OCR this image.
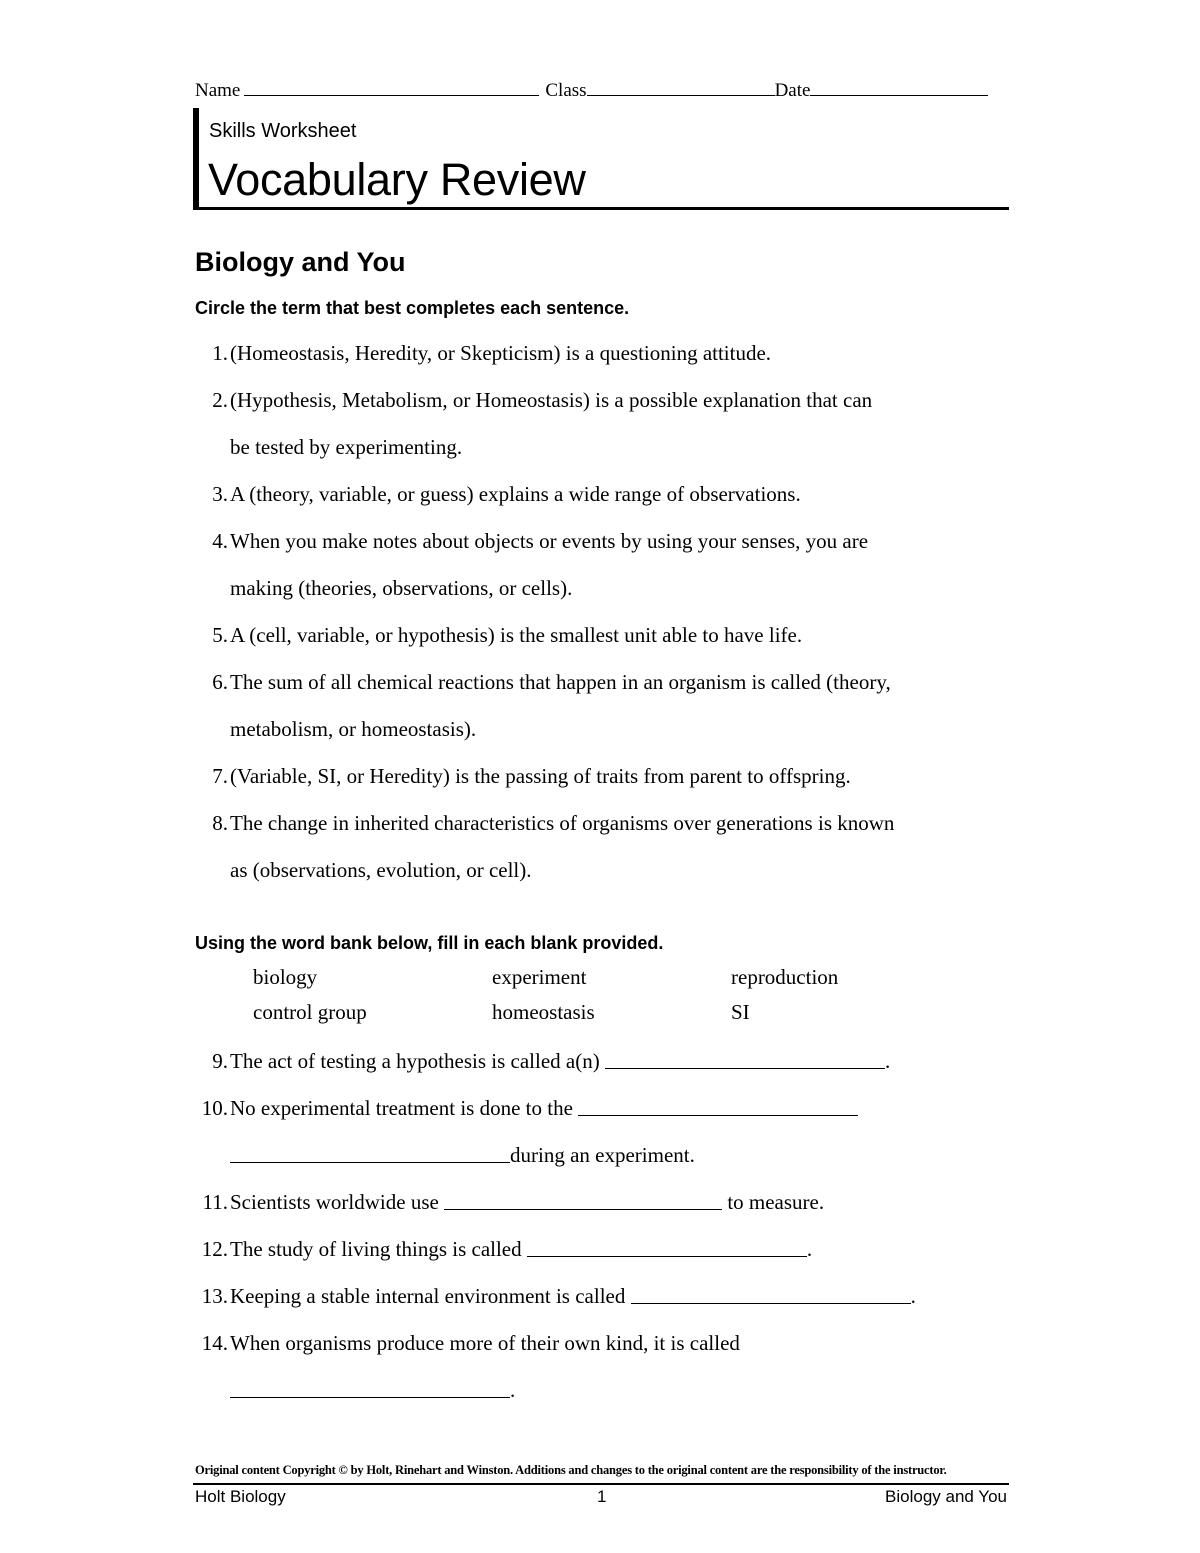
Name	Class	Date
Skills Worksheet
Vocabulary Review
Biology and You
Circle the term that best completes each sentence.
1.(Homeostasis, Heredity, or Skepticism) is a questioning attitude.
2.(Hypothesis, Metabolism, or Homeostasis) is a possible explanation that can
be tested by experimenting.
3.A (theory, variable, or guess) explains a wide range of observations.
4.When you make notes about objects or events by using your senses, you are
making (theories, observations, or cells).
5.A (cell, variable, or hypothesis) is the smallest unit able to have life.
6.The sum of all chemical reactions that happen in an organism is called (theory,
metabolism, or homeostasis).
7.(Variable, SI, or Heredity) is the passing of traits from parent to offspring.
8.The change in inherited characteristics of organisms over generations is known
as (observations, evolution, or cell).
Using the word bank below, fill in each blank provided.
biology	experiment	reproduction
control group	homeostasis	SI
9.The act of testing a hypothesis is called a(n)	.
10.No experimental treatment is done to the
during an experiment.
11.Scientists worldwide use	to measure.
12.The study of living things is called	.
13.Keeping a stable internal environment is called	.
14.When organisms produce more of their own kind, it is called
.
Original content Copyright © by Holt, Rinehart and Winston. Additions and changes to the original content are the responsibility of the instructor.
Holt Biology	1	Biology and You
